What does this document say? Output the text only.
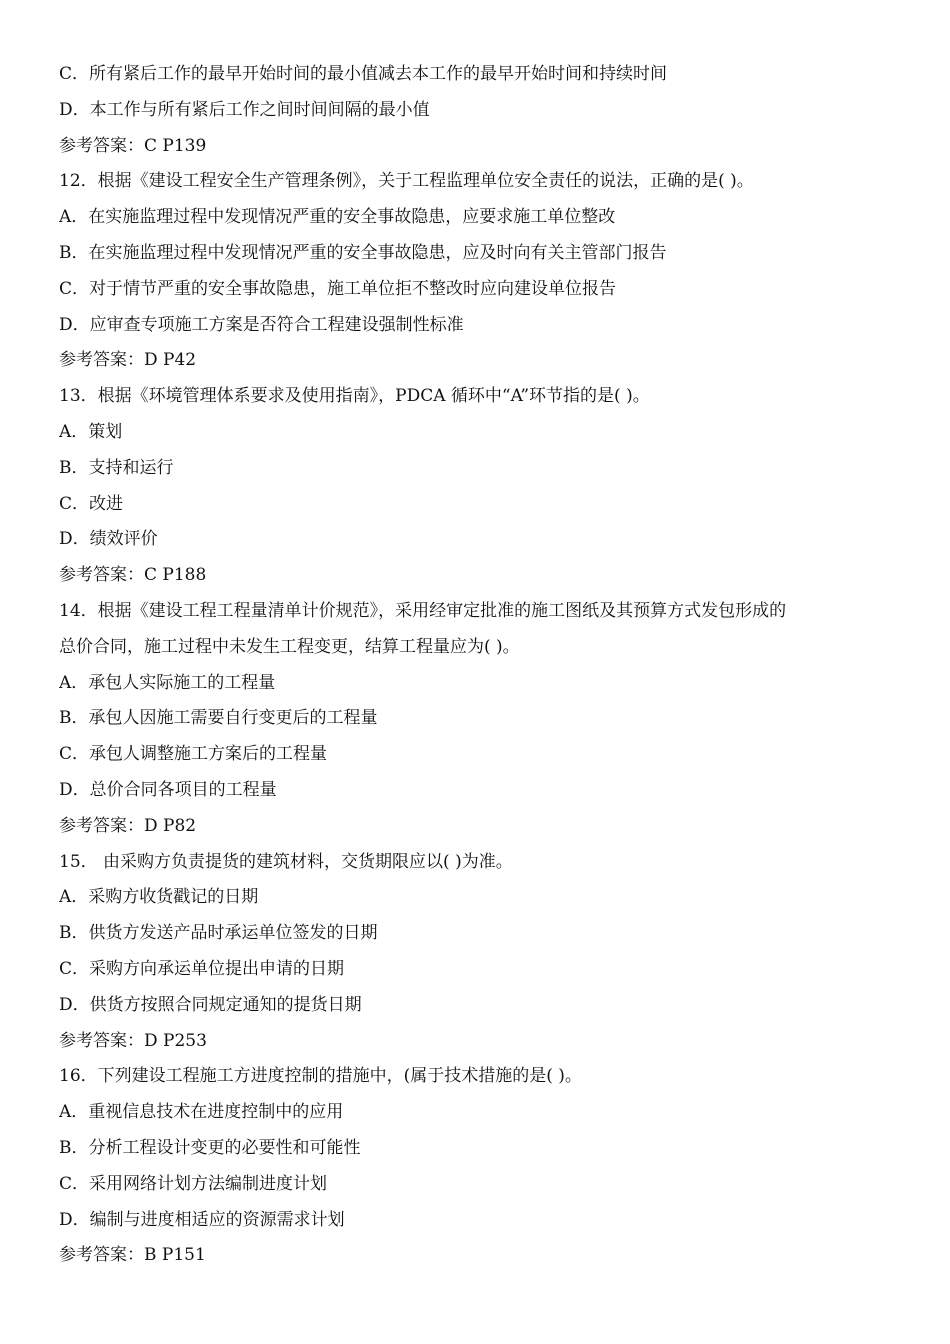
C．所有紧后工作的最早开始时间的最小值减去本工作的最早开始时间和持续时间
D．本工作与所有紧后工作之间时间间隔的最小值
参考答案：C P139
12．根据《建设工程安全生产管理条例》，关于工程监理单位安全责任的说法，正确的是( )。
A．在实施监理过程中发现情况严重的安全事故隐患，应要求施工单位整改
B．在实施监理过程中发现情况严重的安全事故隐患，应及时向有关主管部门报告
C．对于情节严重的安全事故隐患，施工单位拒不整改时应向建设单位报告
D．应审查专项施工方案是否符合工程建设强制性标准
参考答案：D P42
13．根据《环境管理体系要求及使用指南》，PDCA 循环中“A”环节指的是( )。
A．策划
B．支持和运行
C．改进
D．绩效评价
参考答案：C P188
14．根据《建设工程工程量清单计价规范》，采用经审定批准的施工图纸及其预算方式发包形成的
总价合同，施工过程中未发生工程变更，结算工程量应为( )。
A．承包人实际施工的工程量
B．承包人因施工需要自行变更后的工程量
C．承包人调整施工方案后的工程量
D．总价合同各项目的工程量
参考答案：D P82
15． 由采购方负责提货的建筑材料，交货期限应以( )为准。
A．采购方收货戳记的日期
B．供货方发送产品时承运单位签发的日期
C．采购方向承运单位提出申请的日期
D．供货方按照合同规定通知的提货日期
参考答案：D P253
16．下列建设工程施工方进度控制的措施中，(属于技术措施的是( )。
A．重视信息技术在进度控制中的应用
B．分析工程设计变更的必要性和可能性
C．采用网络计划方法编制进度计划
D．编制与进度相适应的资源需求计划
参考答案：B P151
